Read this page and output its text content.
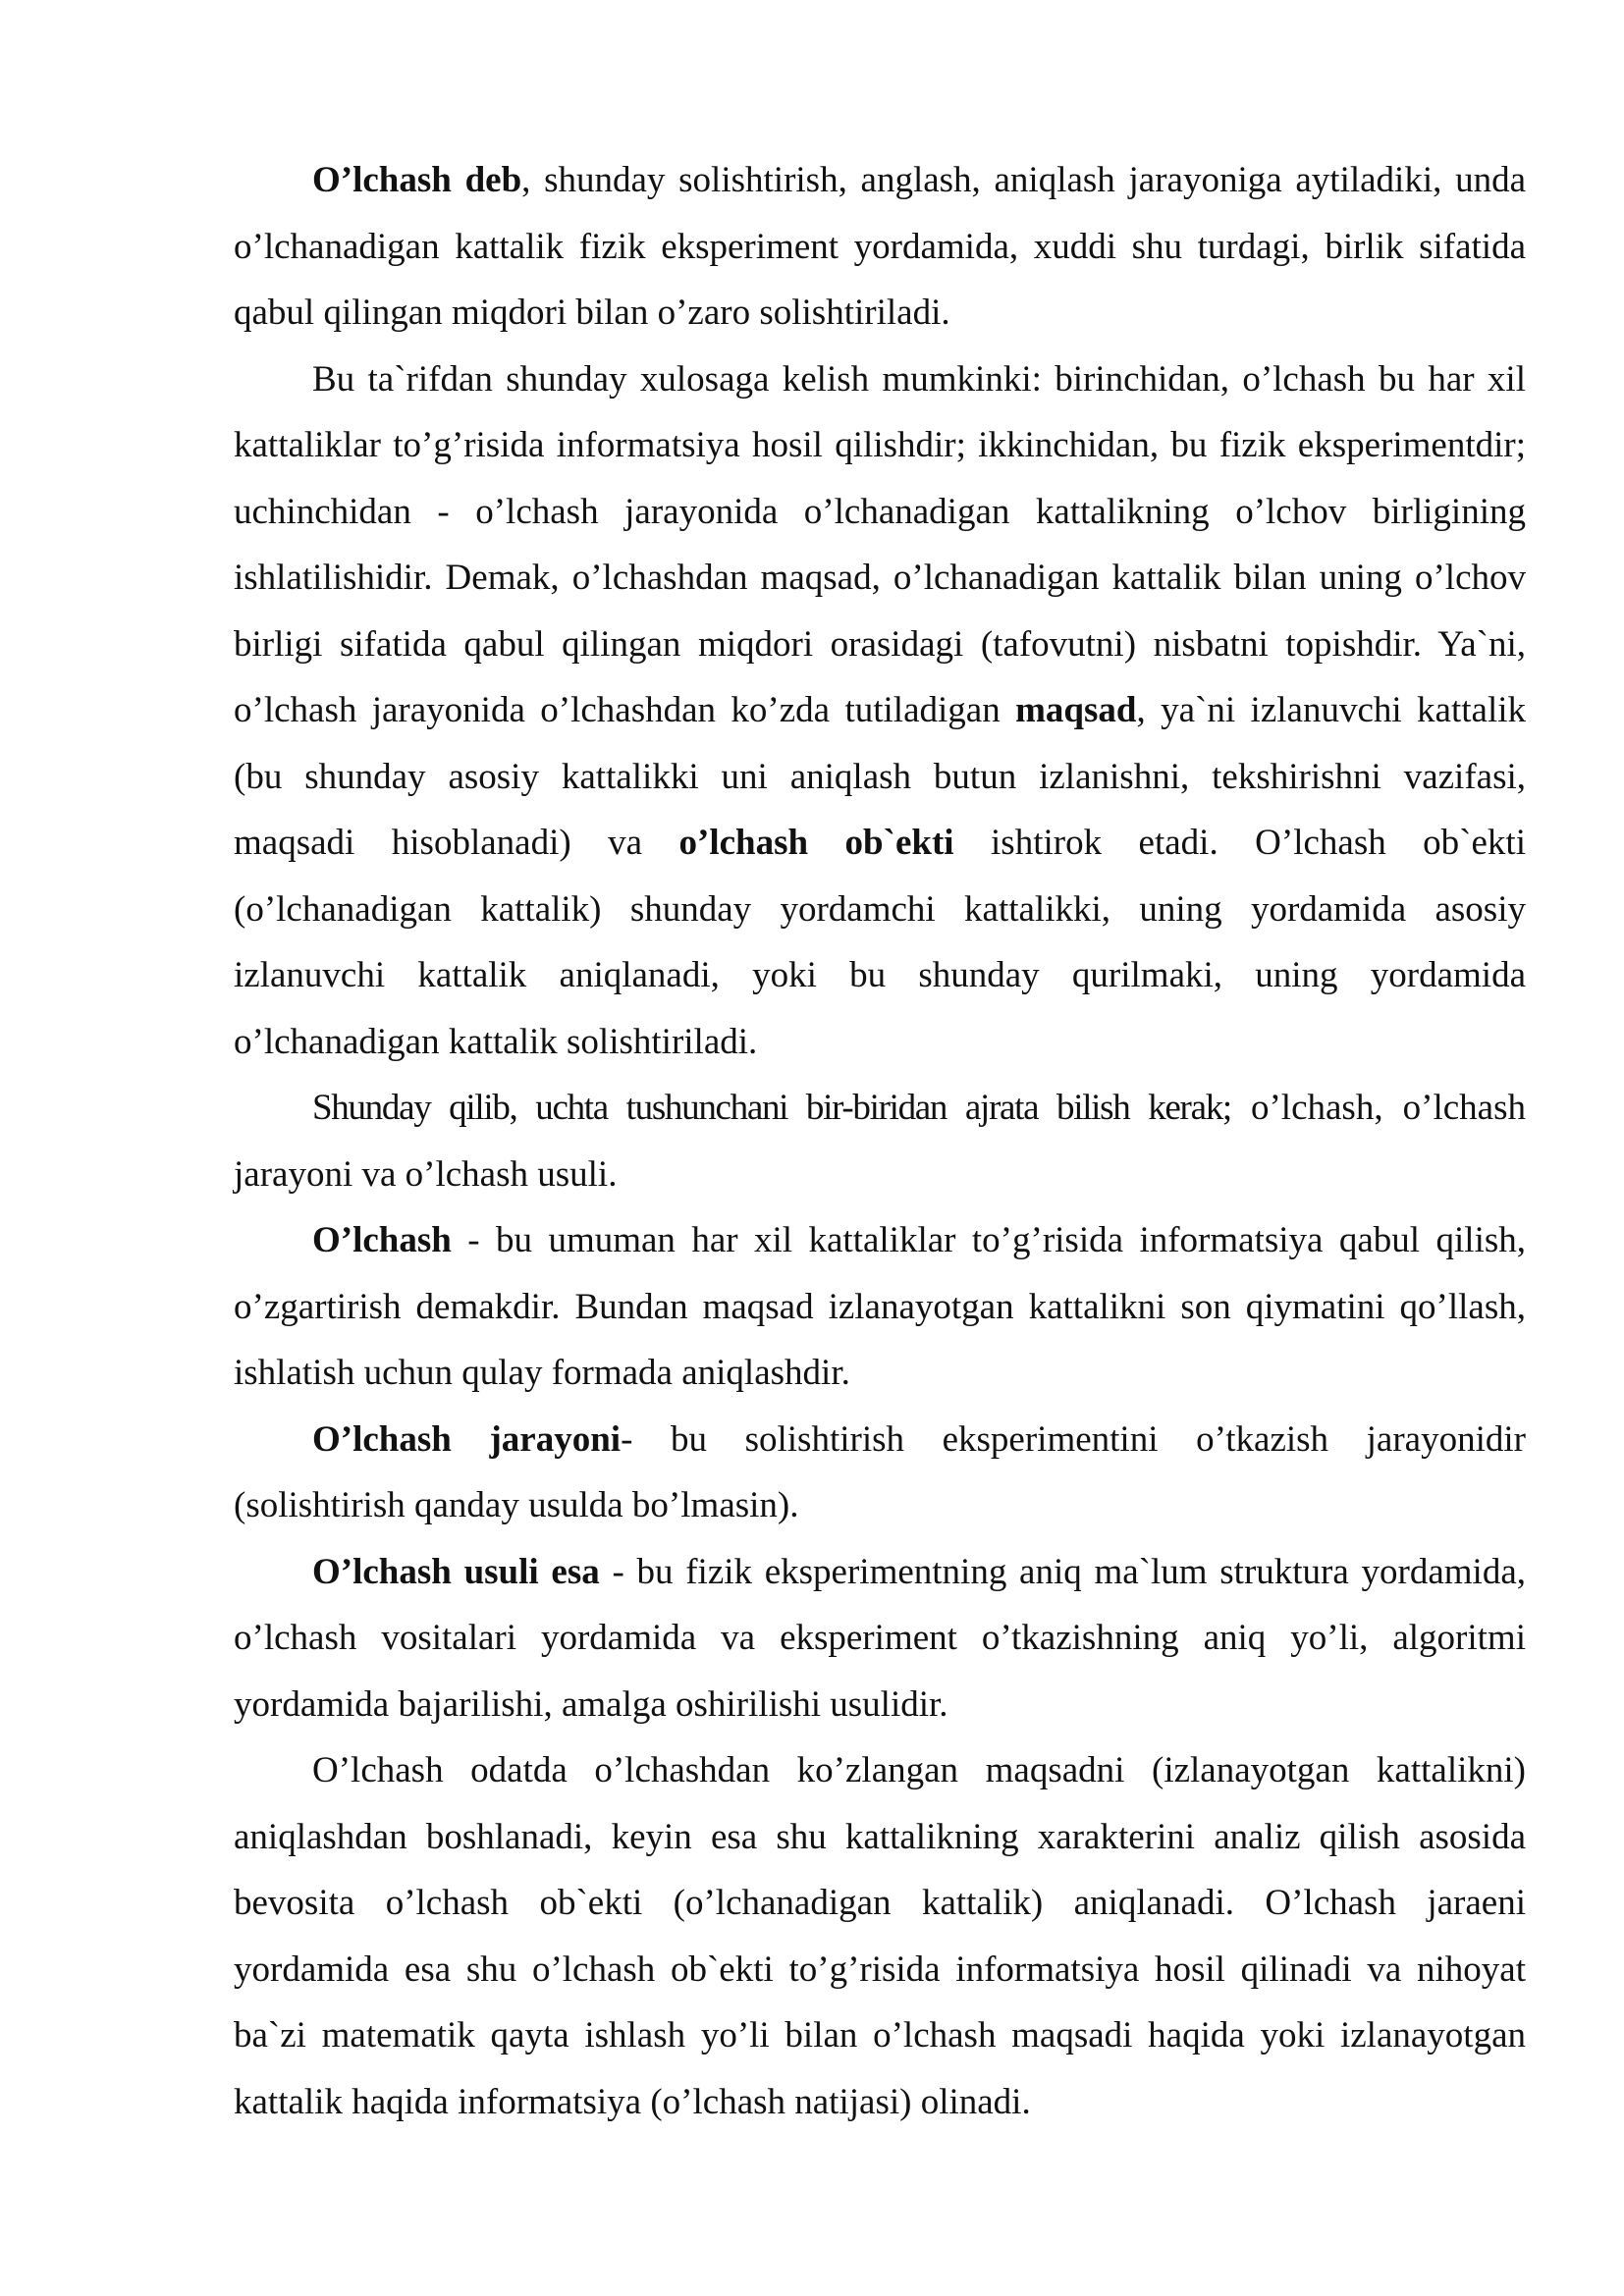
O’lchash deb, shunday solishtirish, anglash, aniqlash jarayoniga aytiladiki, unda o’lchanadigan kattalik fizik eksperiment yordamida, xuddi shu turdagi, birlik sifatida qabul qilingan miqdori bilan o’zaro solishtiriladi.

Bu ta`rifdan shunday xulosaga kelish mumkinki: birinchidan, o’lchash bu har xil kattaliklar to’g’risida informatsiya hosil qilishdir; ikkinchidan, bu fizik eksperimentdir; uchinchidan - o’lchash jarayonida o’lchanadigan kattalikning o’lchov birligining ishlatilishidir. Demak, o’lchashdan maqsad, o’lchanadigan kattalik bilan uning o’lchov birligi sifatida qabul qilingan miqdori orasidagi (tafovutni) nisbatni topishdir. Ya`ni, o’lchash jarayonida o’lchashdan ko’zda tutiladigan maqsad, ya`ni izlanuvchi kattalik (bu shunday asosiy kattalikki uni aniqlash butun izlanishni, tekshirishni vazifasi, maqsadi hisoblanadi) va o’lchash ob`ekti ishtirok etadi. O’lchash ob`ekti (o’lchanadigan kattalik) shunday yordamchi kattalikki, uning yordamida asosiy izlanuvchi kattalik aniqlanadi, yoki bu shunday qurilmaki, uning yordamida o’lchanadigan kattalik solishtiriladi.

Shunday qilib, uchta tushunchani bir-biridan ajrata bilish kerak; o’lchash, o’lchash jarayoni va o’lchash usuli.

O’lchash - bu umuman har xil kattaliklar to’g’risida informatsiya qabul qilish, o’zgartirish demakdir. Bundan maqsad izlanayotgan kattalikni son qiymatini qo’llash, ishlatish uchun qulay formada aniqlashdir.

O’lchash jarayoni- bu solishtirish eksperimentini o’tkazish jarayonidir (solishtirish qanday usulda bo’lmasin).

O’lchash usuli esa - bu fizik eksperimentning aniq ma`lum struktura yordamida, o’lchash vositalari yordamida va eksperiment o’tkazishning aniq yo’li, algoritmi yordamida bajarilishi, amalga oshirilishi usulidir.

O’lchash odatda o’lchashdan ko’zlangan maqsadni (izlanayotgan kattalikni) aniqlashdan boshlanadi, keyin esa shu kattalikning xarakterini analiz qilish asosida bevosita o’lchash ob`ekti (o’lchanadigan kattalik) aniqlanadi. O’lchash jaraeni yordamida esa shu o’lchash ob`ekti to’g’risida informatsiya hosil qilinadi va nihoyat ba`zi matematik qayta ishlash yo’li bilan o’lchash maqsadi haqida yoki izlanayotgan kattalik haqida informatsiya (o’lchash natijasi) olinadi.
